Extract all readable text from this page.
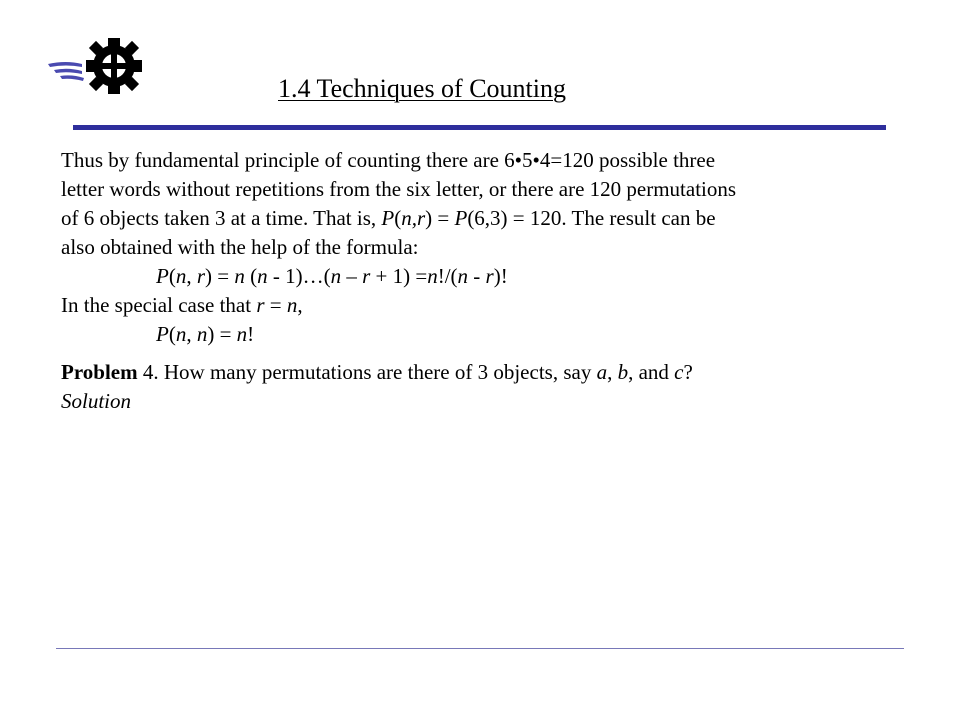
1.4 Techniques of Counting
Thus by fundamental principle of counting there are 6•5•4=120 possible three
letter words without repetitions from the six letter, or there are 120 permutations
of 6 objects taken 3 at a time. That is, P(n,r) = P(6,3) = 120. The result can be
also obtained with the help of the formula:
P(n, r) = n (n - 1)…(n – r + 1) =n!/(n - r)!
In the special case that r = n,
P(n, n) = n!
Problem 4. How many permutations are there of 3 objects, say a, b, and c?
Solution
